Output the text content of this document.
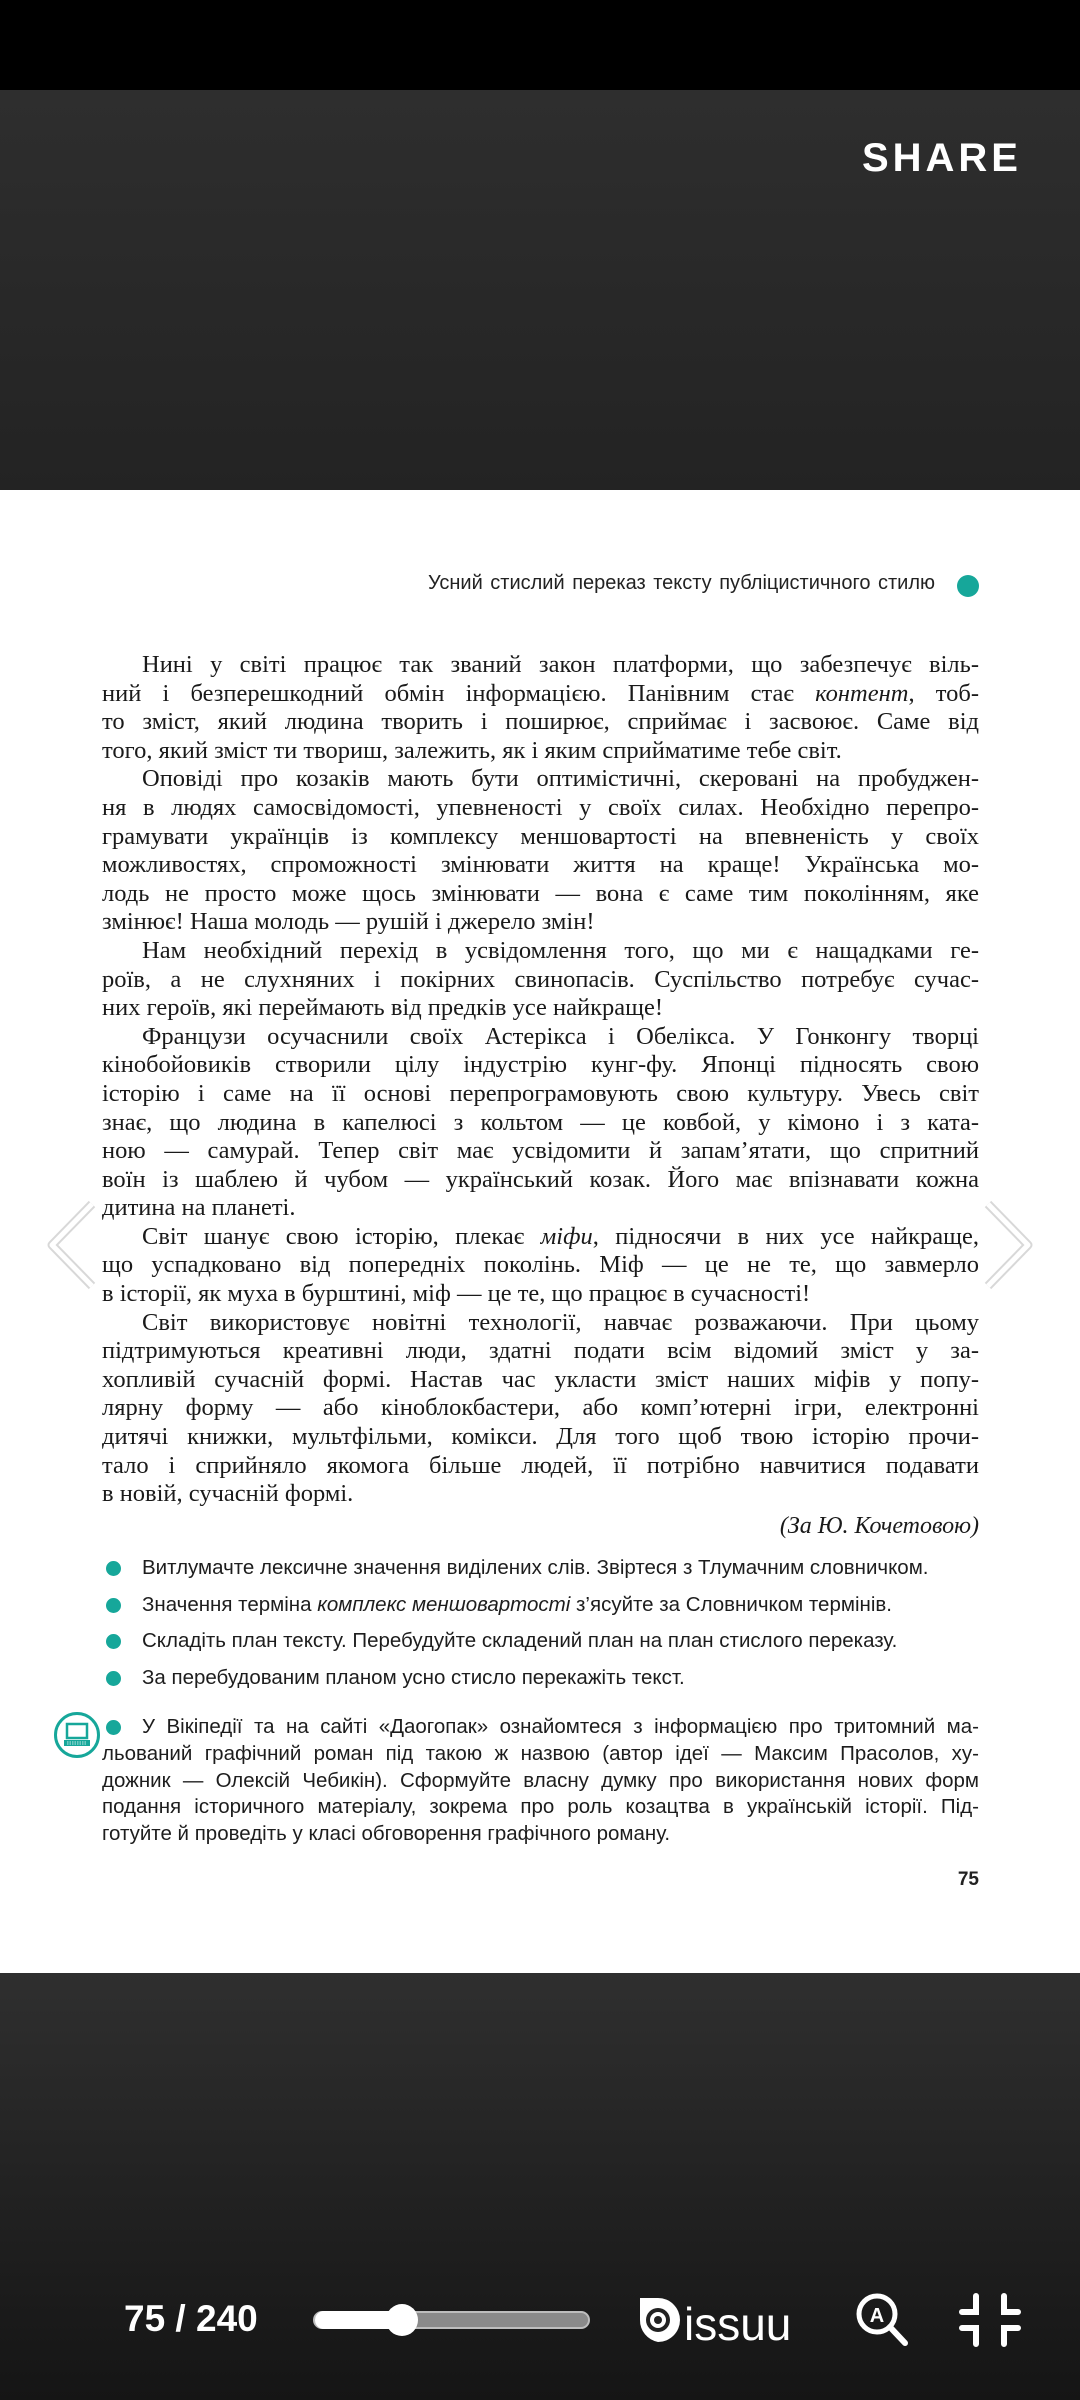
SHARE
Усний стислий переказ тексту публіцистичного стилю
Нині у світі працює так званий закон платформи, що забезпечує віль-
ний і безперешкодний обмін інформацією. Панівним стає контент, тоб-
то зміст, який людина творить і поширює, сприймає і засвоює. Саме від
того, який зміст ти твориш, залежить, як і яким сприйматиме тебе світ.
Оповіді про козаків мають бути оптимістичні, скеровані на пробуджен-
ня в людях самосвідомості, упевненості у своїх силах. Необхідно перепро-
грамувати українців із комплексу меншовартості на впевненість у своїх
можливостях, спроможності змінювати життя на краще! Українська мо-
лодь не просто може щось змінювати — вона є саме тим поколінням, яке
змінює! Наша молодь — рушій і джерело змін!
Нам необхідний перехід в усвідомлення того, що ми є нащадками ге-
роїв, а не слухняних і покірних свинопасів. Суспільство потребує сучас-
них героїв, які переймають від предків усе найкраще!
Французи осучаснили своїх Астерікса і Обелікса. У Гонконгу творці
кінобойовиків створили цілу індустрію кунг-фу. Японці підносять свою
історію і саме на її основі перепрограмовують свою культуру. Увесь світ
знає, що людина в капелюсі з кольтом — це ковбой, у кімоно і з ката-
ною — самурай. Тепер світ має усвідомити й запам’ятати, що спритний
воїн із шаблею й чубом — український козак. Його має впізнавати кожна
дитина на планеті.
Світ шанує свою історію, плекає міфи, підносячи в них усе найкраще,
що успадковано від попередніх поколінь. Міф — це не те, що завмерло
в історії, як муха в бурштині, міф — це те, що працює в сучасності!
Світ використовує новітні технології, навчає розважаючи. При цьому
підтримуються креативні люди, здатні подати всім відомий зміст у за-
хопливій сучасній формі. Настав час укласти зміст наших міфів у попу-
лярну форму — або кіноблокбастери, або комп’ютерні ігри, електронні
дитячі книжки, мультфільми, комікси. Для того щоб твою історію прочи-
тало і сприйняло якомога більше людей, її потрібно навчитися подавати
в новій, сучасній формі.
(За Ю. Кочетовою)
Витлумачте лексичне значення виділених слів. Звіртеся з Тлумачним словничком.
Значення терміна комплекс меншовартості з’ясуйте за Словничком термінів.
Складіть план тексту. Перебудуйте складений план на план стислого переказу.
За перебудованим планом усно стисло перекажіть текст.
У Вікіпедії та на сайті «Даогопак» ознайомтеся з інформацією про тритомний ма-
льований графічний роман під такою ж назвою (автор ідеї — Максим Прасолов, ху-
дожник — Олексій Чебикін). Сформуйте власну думку про використання нових форм
подання історичного матеріалу, зокрема про роль козацтва в українській історії. Під-
готуйте й проведіть у класі обговорення графічного роману.
75
75 / 240	issuu	A
